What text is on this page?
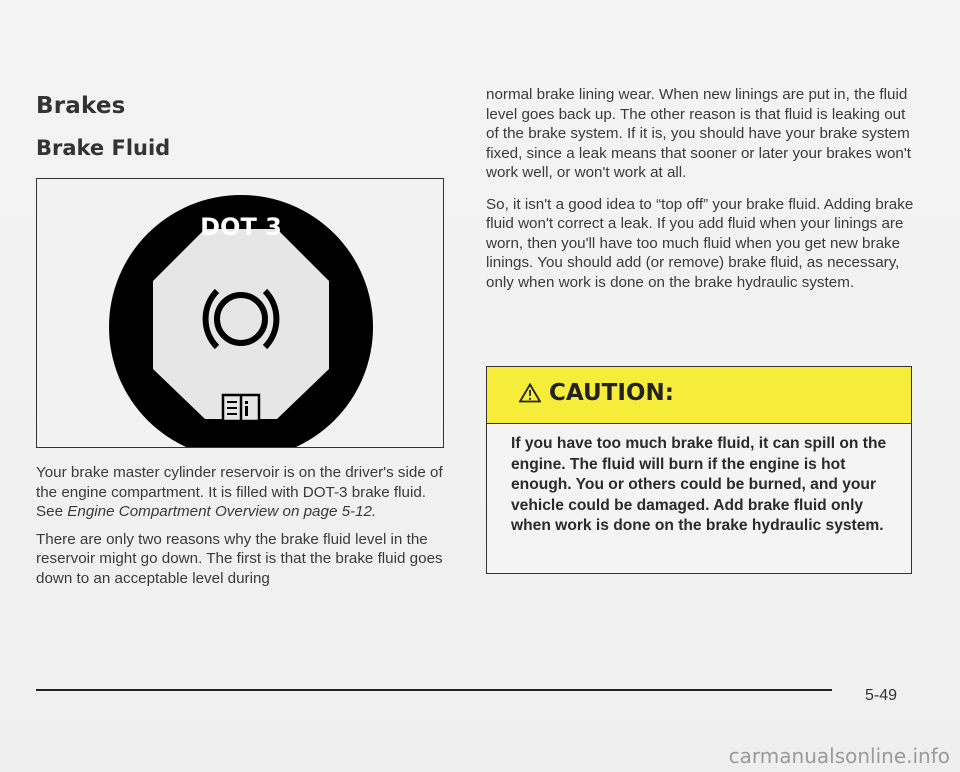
Brakes
Brake Fluid
DOT 3

Your brake master cylinder reservoir is on the driver's side of the engine compartment. It is filled with DOT-3 brake fluid. See Engine Compartment Overview on page 5-12.

There are only two reasons why the brake fluid level in the reservoir might go down. The first is that the brake fluid goes down to an acceptable level during

normal brake lining wear. When new linings are put in, the fluid level goes back up. The other reason is that fluid is leaking out of the brake system. If it is, you should have your brake system fixed, since a leak means that sooner or later your brakes won't work well, or won't work at all.

So, it isn't a good idea to “top off” your brake fluid. Adding brake fluid won't correct a leak. If you add fluid when your linings are worn, then you'll have too much fluid when you get new brake linings. You should add (or remove) brake fluid, as necessary, only when work is done on the brake hydraulic system.

CAUTION:
If you have too much brake fluid, it can spill on the engine. The fluid will burn if the engine is hot enough. You or others could be burned, and your vehicle could be damaged. Add brake fluid only when work is done on the brake hydraulic system.
5-49
carmanualsonline.info
